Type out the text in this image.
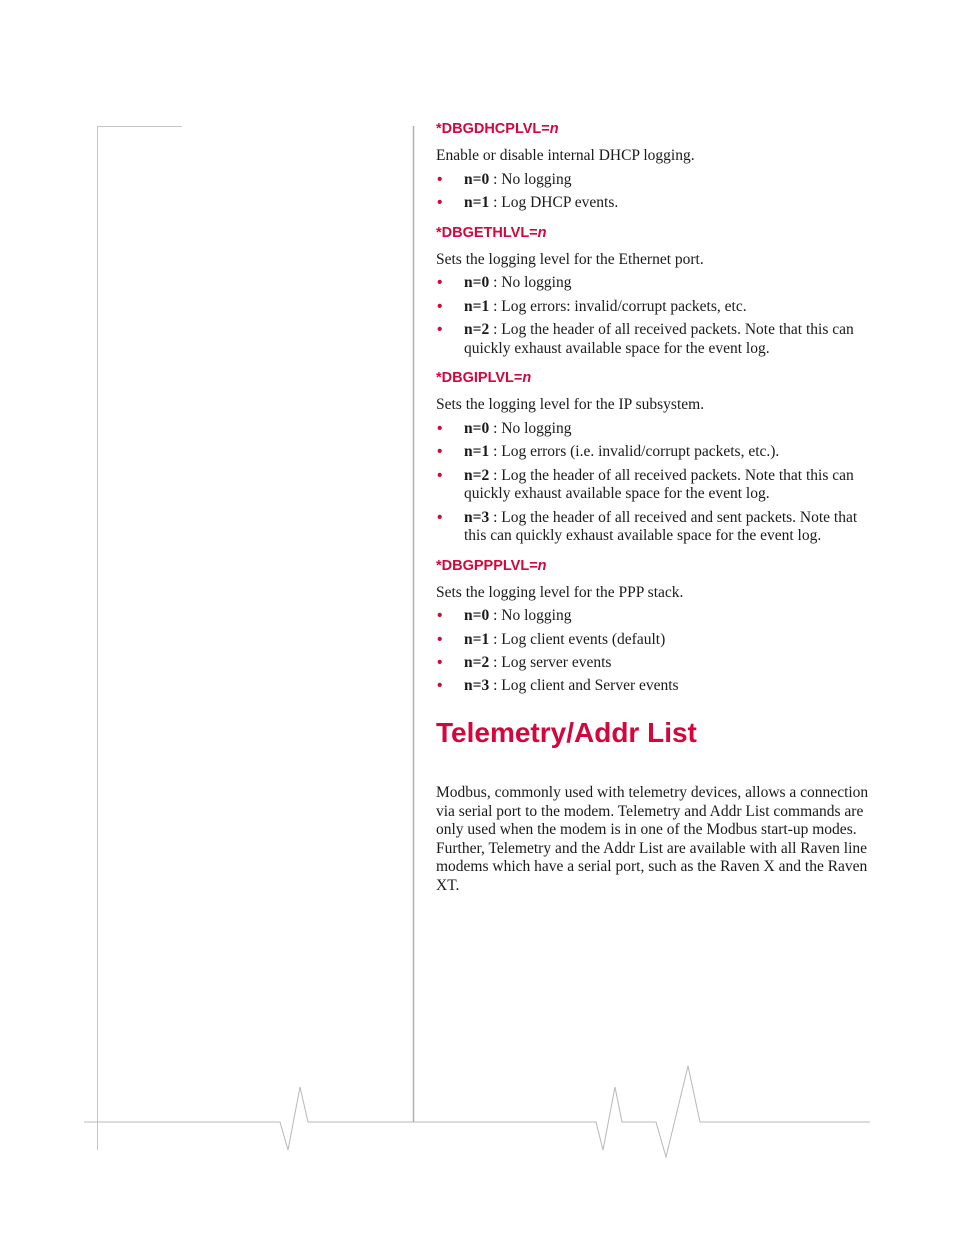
*DBGDHCPLVL=n

Enable or disable internal DHCP logging.

• n=0 : No logging
• n=1 : Log DHCP events.
*DBGETHLVL=n

Sets the logging level for the Ethernet port.

• n=0 : No logging
• n=1 : Log errors: invalid/corrupt packets, etc.
• n=2 : Log the header of all received packets. Note that this can quickly exhaust available space for the event log.
*DBGIPLVL=n

Sets the logging level for the IP subsystem.

• n=0 : No logging
• n=1 : Log errors (i.e. invalid/corrupt packets, etc.).
• n=2 : Log the header of all received packets. Note that this can quickly exhaust available space for the event log.
• n=3 : Log the header of all received and sent packets. Note that this can quickly exhaust available space for the event log.
*DBGPPPLVL=n

Sets the logging level for the PPP stack.

• n=0 : No logging
• n=1 : Log client events (default)
• n=2 : Log server events
• n=3 : Log client and Server events
Telemetry/Addr List

Modbus, commonly used with telemetry devices, allows a connection via serial port to the modem. Telemetry and Addr List commands are only used when the modem is in one of the Modbus start-up modes. Further, Telemetry and the Addr List are available with all Raven line modems which have a serial port, such as the Raven X and the Raven XT.
